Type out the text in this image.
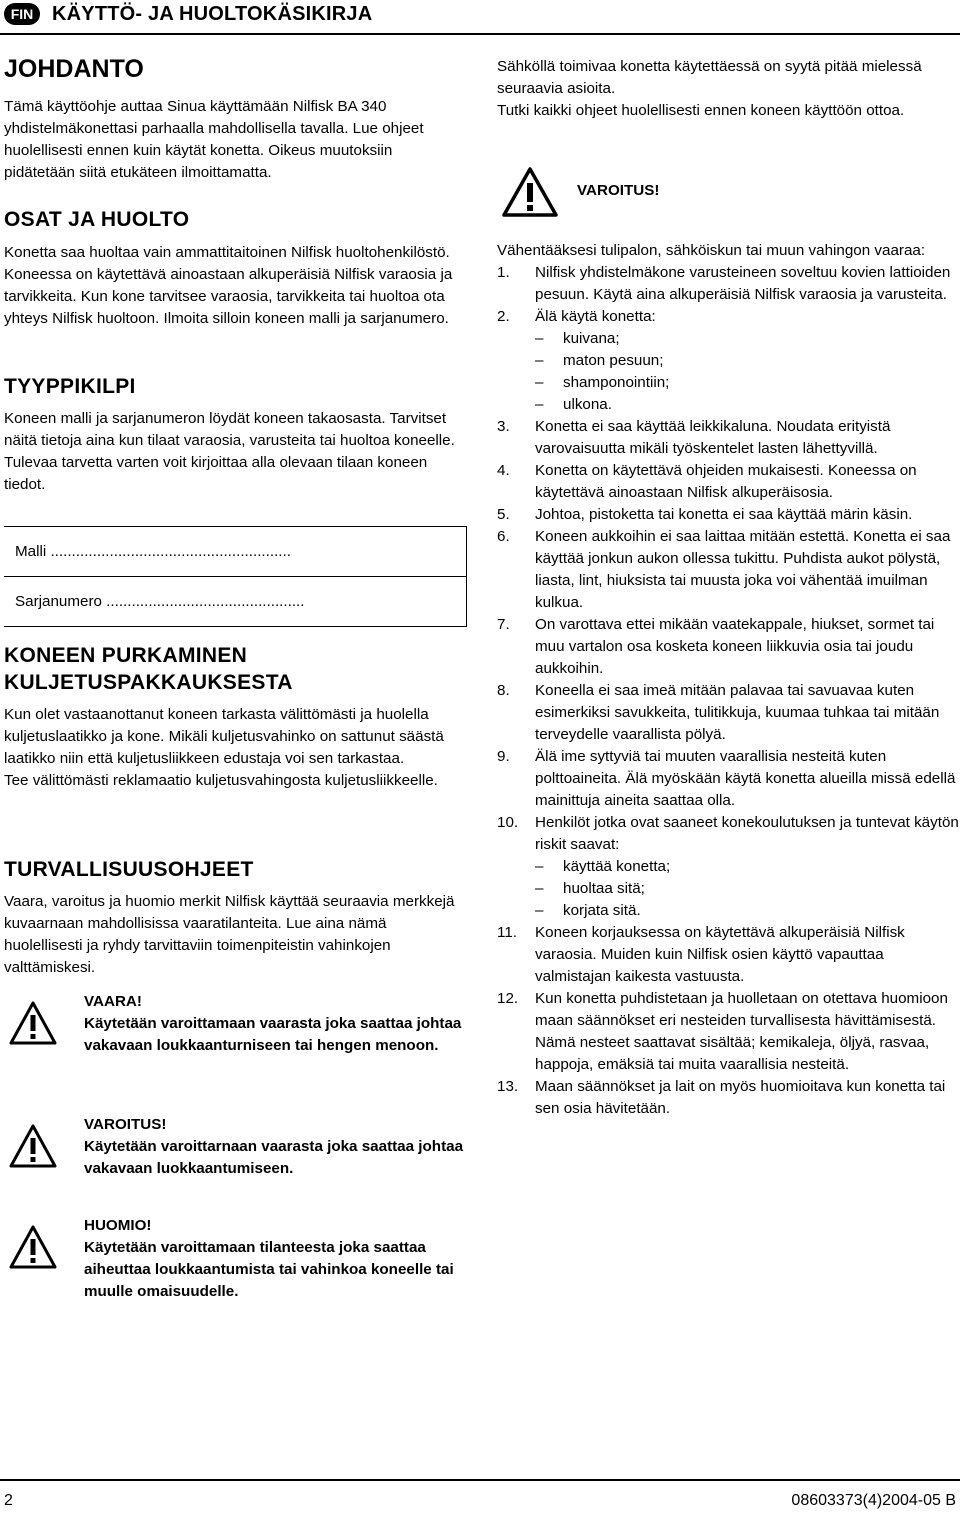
FIN KÄYTTÖ- JA HUOLTOKÄSIKIRJA
JOHDANTO

Tämä käyttöohje auttaa Sinua käyttämään Nilfisk BA 340 yhdistelmäkonettasi parhaalla mahdollisella tavalla. Lue ohjeet huolellisesti ennen kuin käytät konetta. Oikeus muutoksiin pidätetään siitä etukäteen ilmoittamatta.

OSAT JA HUOLTO

Konetta saa huoltaa vain ammattitaitoinen Nilfisk huoltohenkilöstö. Koneessa on käytettävä ainoastaan alkuperäisiä Nilfisk varaosia ja tarvikkeita. Kun kone tarvitsee varaosia, tarvikkeita tai huoltoa ota yhteys Nilfisk huoltoon. Ilmoita silloin koneen malli ja sarjanumero.

TYYPPIKILPI

Koneen malli ja sarjanumeron löydät koneen takaosasta. Tarvitset näitä tietoja aina kun tilaat varaosia, varusteita tai huoltoa koneelle.

Tulevaa tarvetta varten voit kirjoittaa alla olevaan tilaan koneen tiedot.

Malli .........................................................
Sarjanumero ...............................................
KONEEN PURKAMINEN KULJETUSPAKKAUKSESTA

Kun olet vastaanottanut koneen tarkasta välittömästi ja huolella kuljetuslaatikko ja kone. Mikäli kuljetusvahinko on sattunut säästä laatikko niin että kuljetusliikkeen edustaja voi sen tarkastaa.

Tee välittömästi reklamaatio kuljetusvahingosta kuljetusliikkeelle.

TURVALLISUUSOHJEET

Vaara, varoitus ja huomio merkit Nilfisk käyttää seuraavia merkkejä kuvaarnaan mahdollisissa vaaratilanteita. Lue aina nämä huolellisesti ja ryhdy tarvittaviin toimenpiteistin vahinkojen valttämiskesi.

VAARA!
Käytetään varoittamaan vaarasta joka saattaa johtaa vakavaan loukkaanturniseen tai hengen menoon.
VAROITUS!
Käytetään varoittarnaan vaarasta joka saattaa johtaa vakavaan luokkaantumiseen.
HUOMIO!
Käytetään varoittamaan tilanteesta joka saattaa aiheuttaa loukkaantumista tai vahinkoa koneelle tai muulle omaisuudelle.

Sähköllä toimivaa konetta käytettäessä on syytä pitää mielessä seuraavia asioita.

Tutki kaikki ohjeet huolellisesti ennen koneen käyttöön ottoa.

VAROITUS!

Vähentääksesi tulipalon, sähköiskun tai muun vahingon vaaraa:

1. Nilfisk yhdistelmäkone varusteineen soveltuu kovien lattioiden pesuun. Käytä aina alkuperäisiä Nilfisk varaosia ja varusteita.
2. Älä käytä konetta:
– kuivana;
– maton pesuun;
– shamponointiin;
– ulkona.
3. Konetta ei saa käyttää leikkikaluna. Noudata erityistä varovaisuutta mikäli työskentelet lasten lähettyvillä.
4. Konetta on käytettävä ohjeiden mukaisesti. Koneessa on käytettävä ainoastaan Nilfisk alkuperäisosia.
5. Johtoa, pistoketta tai konetta ei saa käyttää märin käsin.
6. Koneen aukkoihin ei saa laittaa mitään estettä. Konetta ei saa käyttää jonkun aukon ollessa tukittu. Puhdista aukot pölystä, liasta, lint, hiuksista tai muusta joka voi vähentää imuilman kulkua.
7. On varottava ettei mikään vaatekappale, hiukset, sormet tai muu vartalon osa kosketa koneen liikkuvia osia tai joudu aukkoihin.
8. Koneella ei saa imeä mitään palavaa tai savuavaa kuten esimerkiksi savukkeita, tulitikkuja, kuumaa tuhkaa tai mitään terveydelle vaarallista pölyä.
9. Älä ime syttyviä tai muuten vaarallisia nesteitä kuten polttoaineita. Älä myöskään käytä konetta alueilla missä edellä mainittuja aineita saattaa olla.
10. Henkilöt jotka ovat saaneet konekoulutuksen ja tuntevat käytön riskit saavat:
– käyttää konetta;
– huoltaa sitä;
– korjata sitä.
11. Koneen korjauksessa on käytettävä alkuperäisiä Nilfisk varaosia. Muiden kuin Nilfisk osien käyttö vapauttaa valmistajan kaikesta vastuusta.
12. Kun konetta puhdistetaan ja huolletaan on otettava huomioon maan säännökset eri nesteiden turvallisesta hävittämisestä. Nämä nesteet saattavat sisältää; kemikaleja, öljyä, rasvaa, happoja, emäksiä tai muita vaarallisia nesteitä.
13. Maan säännökset ja lait on myös huomioitava kun konetta tai sen osia hävitetään.
2	08603373(4)2004-05 B
